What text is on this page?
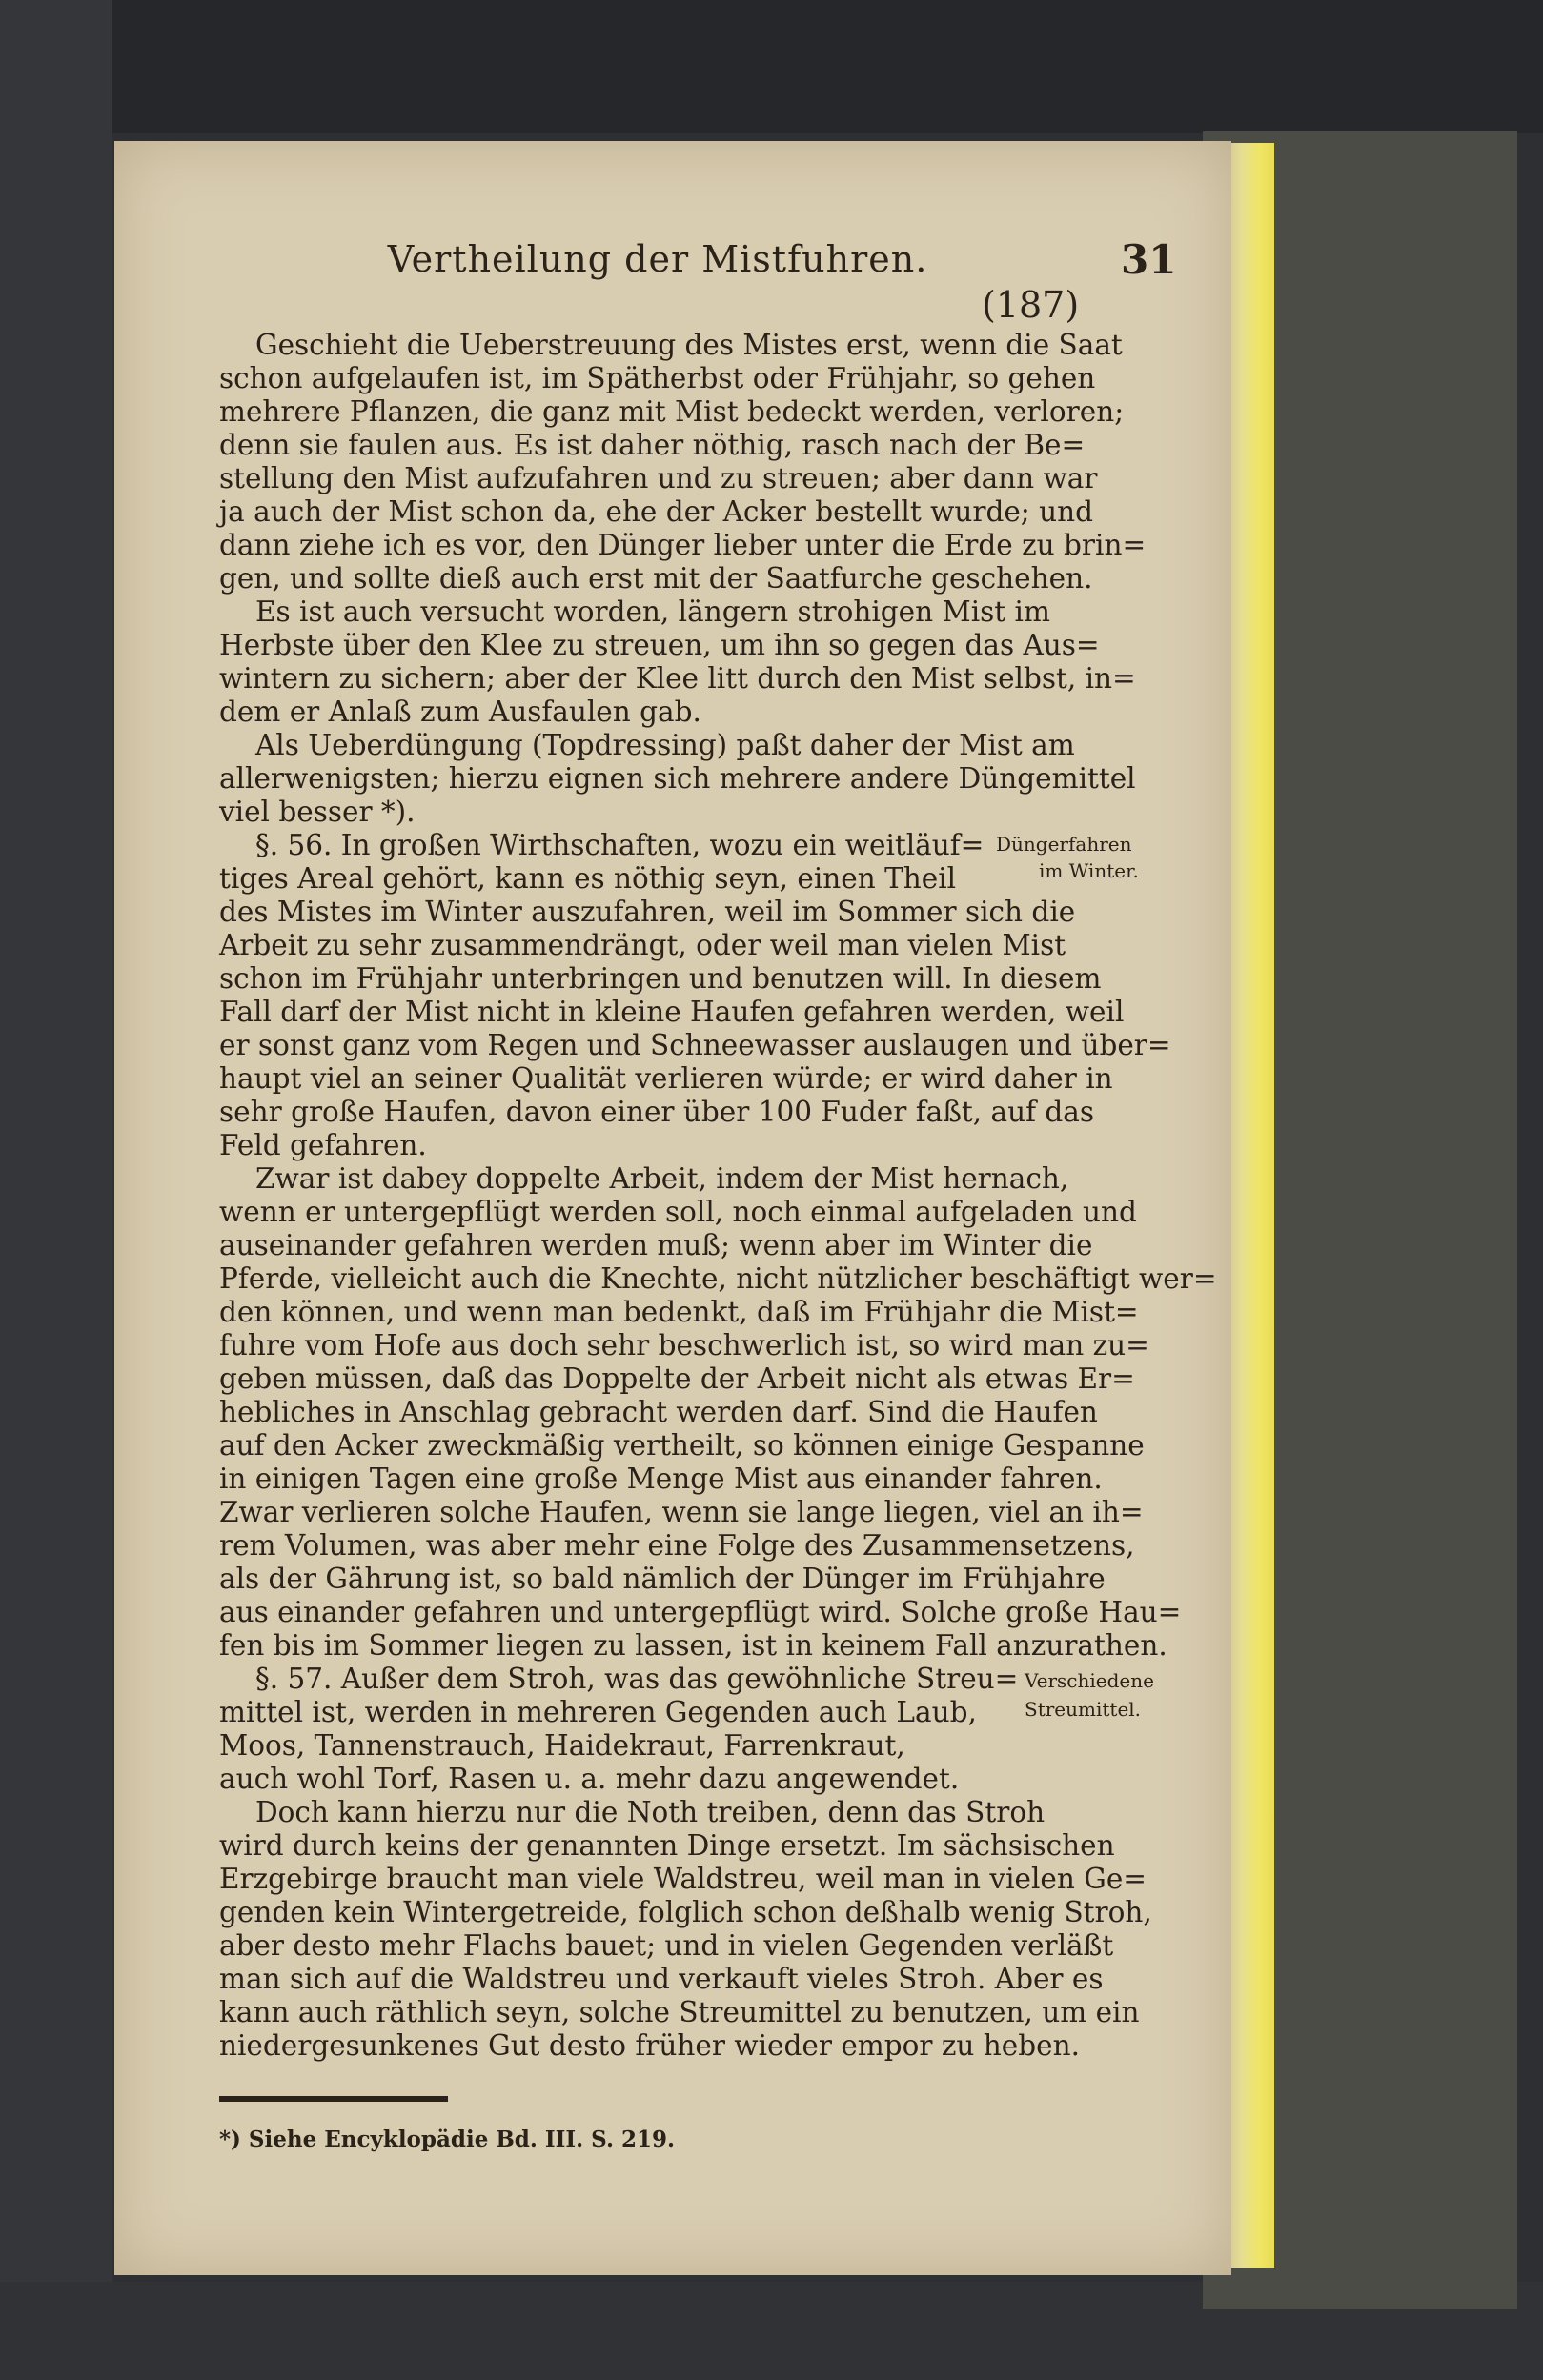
Vertheilung der Mistfuhren.	31
(187)
Geschieht die Ueberstreuung des Mistes erst, wenn die Saat
schon aufgelaufen ist, im Spätherbst oder Frühjahr, so gehen
mehrere Pflanzen, die ganz mit Mist bedeckt werden, verloren;
denn sie faulen aus. Es ist daher nöthig, rasch nach der Be=
stellung den Mist aufzufahren und zu streuen; aber dann war
ja auch der Mist schon da, ehe der Acker bestellt wurde; und
dann ziehe ich es vor, den Dünger lieber unter die Erde zu brin=
gen, und sollte dieß auch erst mit der Saatfurche geschehen.
Es ist auch versucht worden, längern strohigen Mist im
Herbste über den Klee zu streuen, um ihn so gegen das Aus=
wintern zu sichern; aber der Klee litt durch den Mist selbst, in=
dem er Anlaß zum Ausfaulen gab.
Als Ueberdüngung (Topdressing) paßt daher der Mist am
allerwenigsten; hierzu eignen sich mehrere andere Düngemittel
viel besser *).
§. 56. In großen Wirthschaften, wozu ein weitläuf=
tiges Areal gehört, kann es nöthig seyn, einen Theil
des Mistes im Winter auszufahren, weil im Sommer sich die
Arbeit zu sehr zusammendrängt, oder weil man vielen Mist
schon im Frühjahr unterbringen und benutzen will. In diesem
Fall darf der Mist nicht in kleine Haufen gefahren werden, weil
er sonst ganz vom Regen und Schneewasser auslaugen und über=
haupt viel an seiner Qualität verlieren würde; er wird daher in
sehr große Haufen, davon einer über 100 Fuder faßt, auf das
Feld gefahren.
Zwar ist dabey doppelte Arbeit, indem der Mist hernach,
wenn er untergepflügt werden soll, noch einmal aufgeladen und
auseinander gefahren werden muß; wenn aber im Winter die
Pferde, vielleicht auch die Knechte, nicht nützlicher beschäftigt wer=
den können, und wenn man bedenkt, daß im Frühjahr die Mist=
fuhre vom Hofe aus doch sehr beschwerlich ist, so wird man zu=
geben müssen, daß das Doppelte der Arbeit nicht als etwas Er=
hebliches in Anschlag gebracht werden darf. Sind die Haufen
auf den Acker zweckmäßig vertheilt, so können einige Gespanne
in einigen Tagen eine große Menge Mist aus einander fahren.
Zwar verlieren solche Haufen, wenn sie lange liegen, viel an ih=
rem Volumen, was aber mehr eine Folge des Zusammensetzens,
als der Gährung ist, so bald nämlich der Dünger im Frühjahre
aus einander gefahren und untergepflügt wird. Solche große Hau=
fen bis im Sommer liegen zu lassen, ist in keinem Fall anzurathen.
§. 57. Außer dem Stroh, was das gewöhnliche Streu=
mittel ist, werden in mehreren Gegenden auch Laub,
Moos, Tannenstrauch, Haidekraut, Farrenkraut,
auch wohl Torf, Rasen u. a. mehr dazu angewendet.
Doch kann hierzu nur die Noth treiben, denn das Stroh
wird durch keins der genannten Dinge ersetzt. Im sächsischen
Erzgebirge braucht man viele Waldstreu, weil man in vielen Ge=
genden kein Wintergetreide, folglich schon deßhalb wenig Stroh,
aber desto mehr Flachs bauet; und in vielen Gegenden verläßt
man sich auf die Waldstreu und verkauft vieles Stroh. Aber es
kann auch räthlich seyn, solche Streumittel zu benutzen, um ein
niedergesunkenes Gut desto früher wieder empor zu heben.
Düngerfahren
im Winter.
Verschiedene
Streumittel.
*) Siehe Encyklopädie Bd. III. S. 219.
